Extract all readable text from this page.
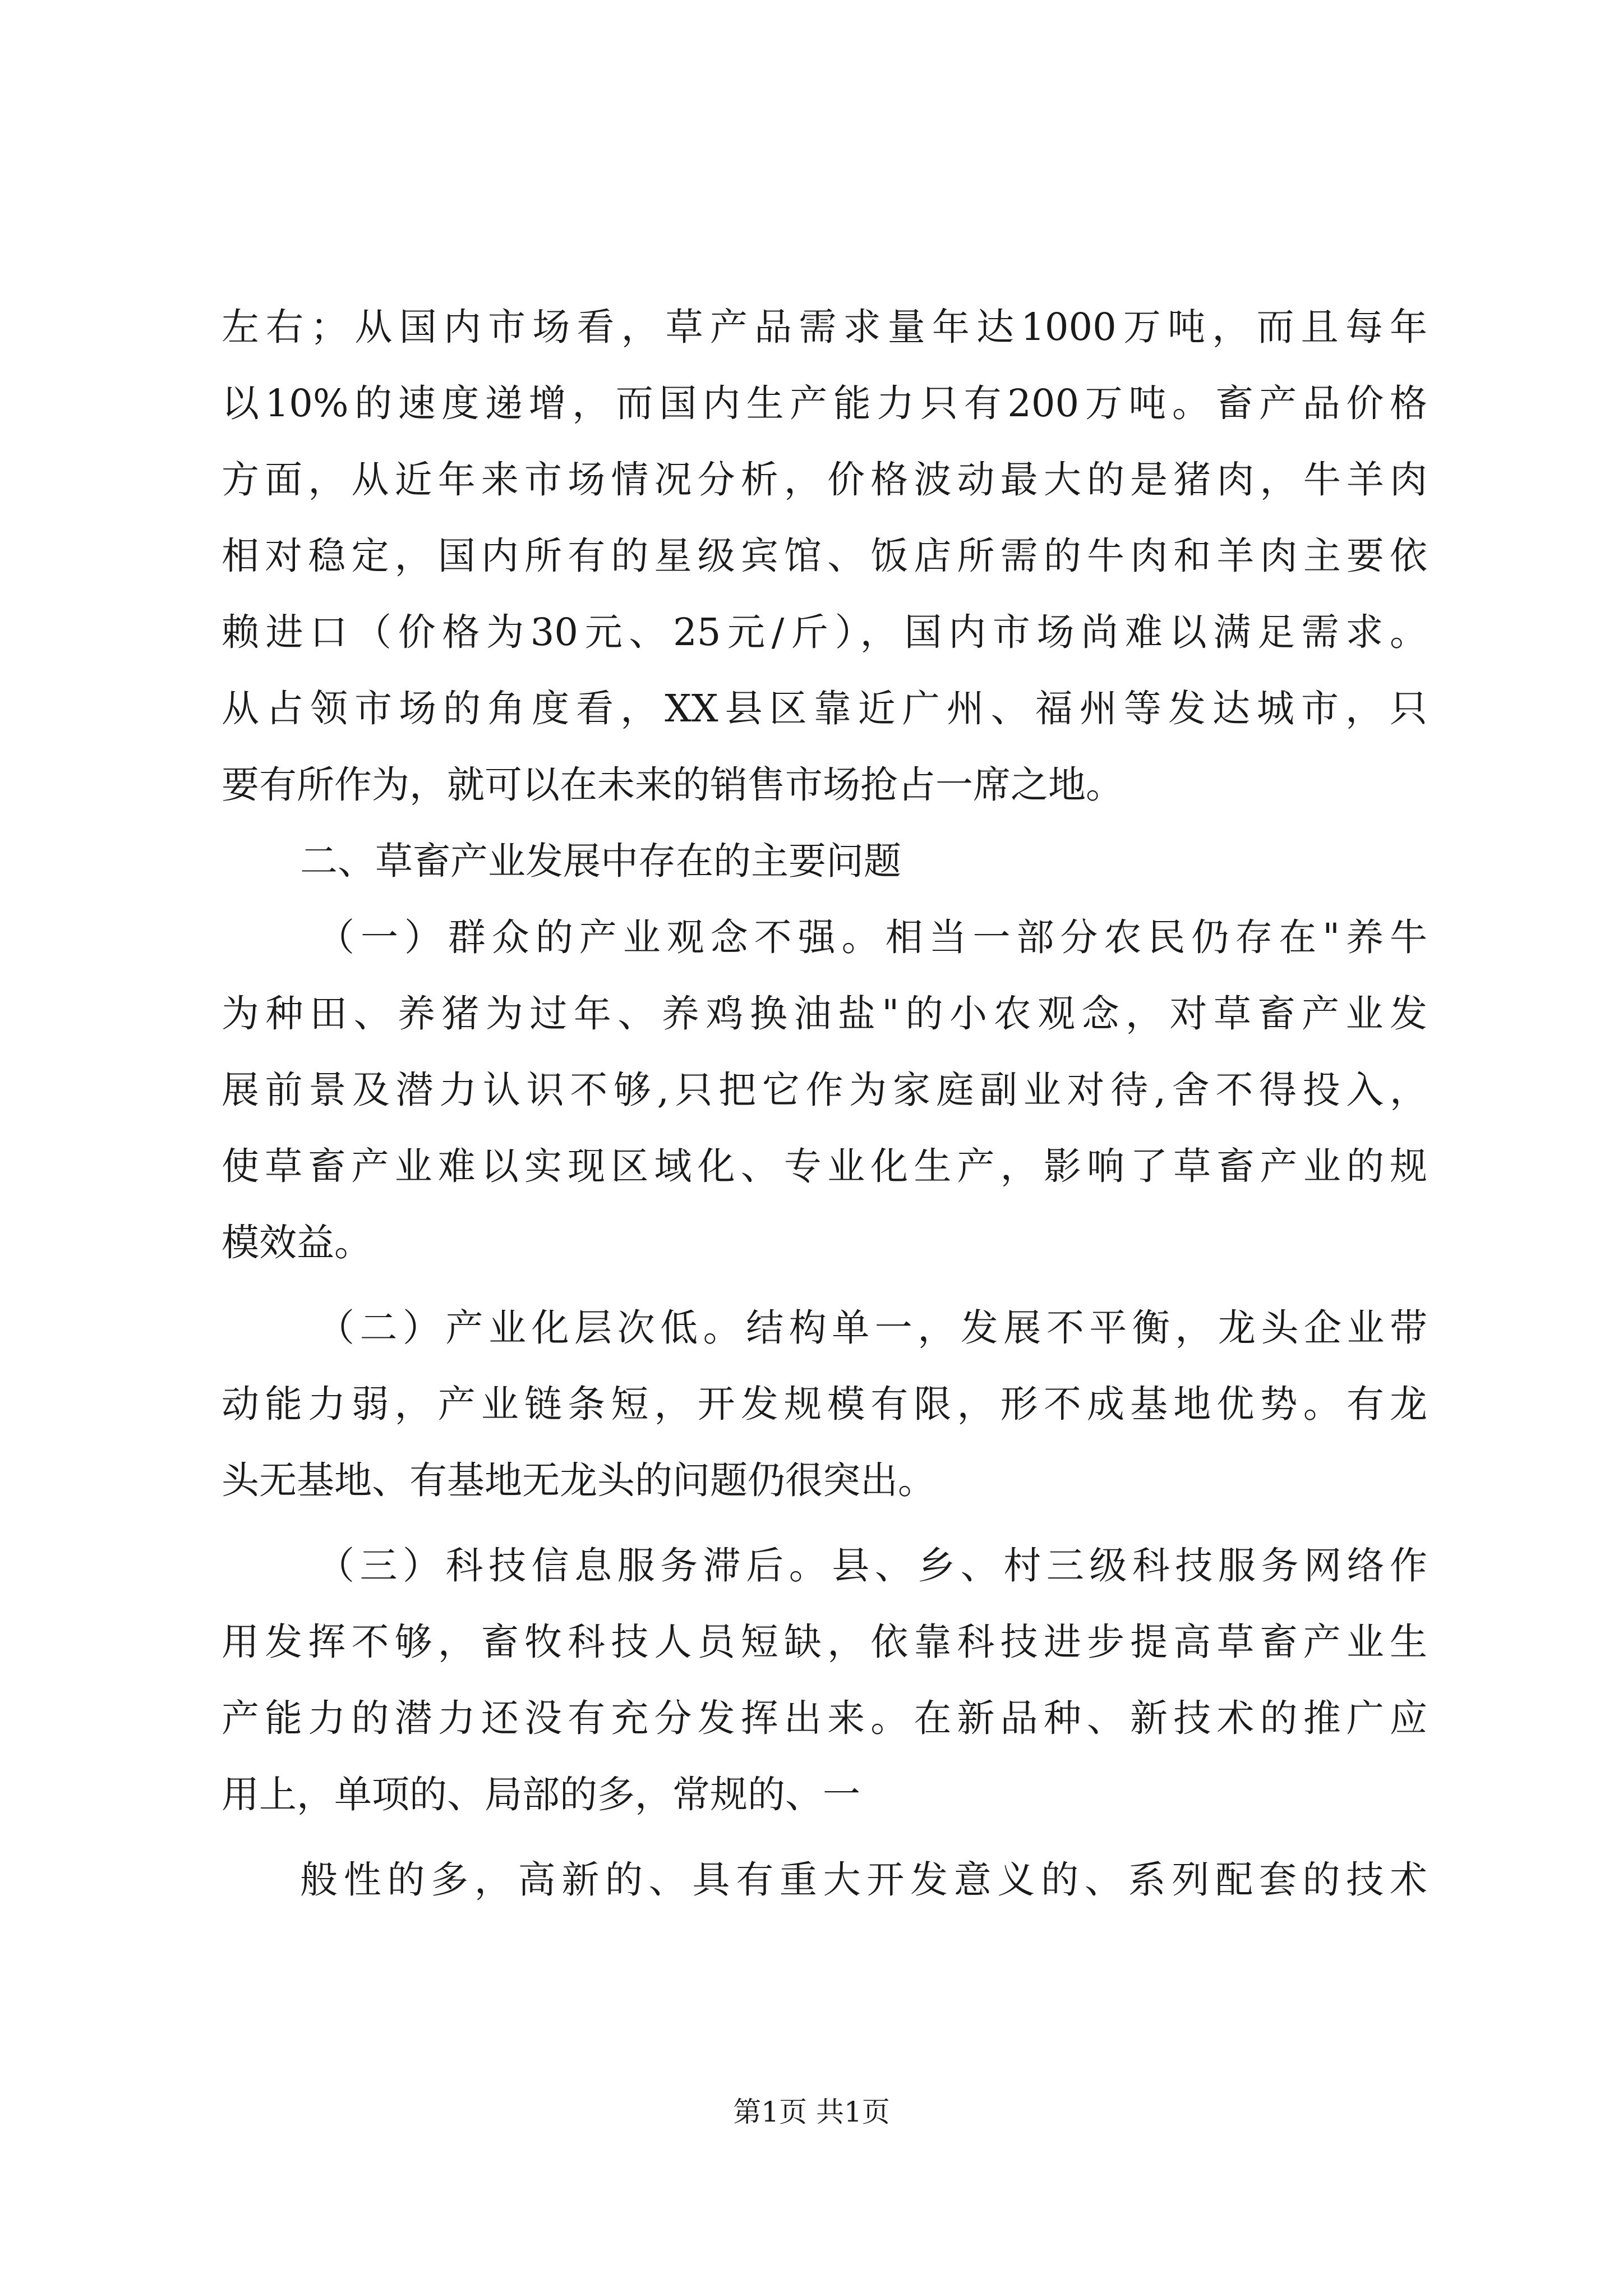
左右；从国内市场看，草产品需求量年达1000万吨，而且每年
以10%的速度递增，而国内生产能力只有200万吨。畜产品价格
方面，从近年来市场情况分析，价格波动最大的是猪肉，牛羊肉
相对稳定，国内所有的星级宾馆、饭店所需的牛肉和羊肉主要依
赖进口（价格为30元、25元/斤），国内市场尚难以满足需求。
从占领市场的角度看，XX县区靠近广州、福州等发达城市，只
要有所作为，就可以在未来的销售市场抢占一席之地。
二、草畜产业发展中存在的主要问题
（一）群众的产业观念不强。相当一部分农民仍存在"养牛
为种田、养猪为过年、养鸡换油盐"的小农观念，对草畜产业发
展前景及潜力认识不够,只把它作为家庭副业对待,舍不得投入，
使草畜产业难以实现区域化、专业化生产，影响了草畜产业的规
模效益。
（二）产业化层次低。结构单一，发展不平衡，龙头企业带
动能力弱，产业链条短，开发规模有限，形不成基地优势。有龙
头无基地、有基地无龙头的问题仍很突出。
（三）科技信息服务滞后。县、乡、村三级科技服务网络作
用发挥不够，畜牧科技人员短缺，依靠科技进步提高草畜产业生
产能力的潜力还没有充分发挥出来。在新品种、新技术的推广应
用上，单项的、局部的多，常规的、一
般性的多，高新的、具有重大开发意义的、系列配套的技术
第1页 共1页
